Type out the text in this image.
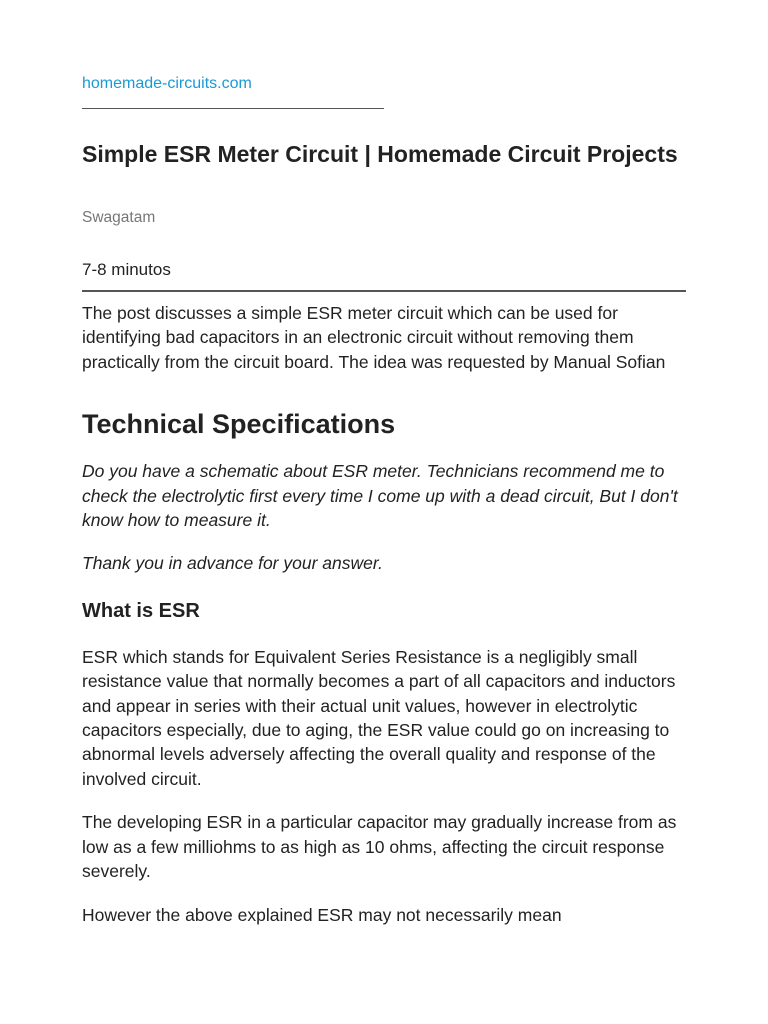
homemade-circuits.com
Simple ESR Meter Circuit | Homemade Circuit Projects
Swagatam
7-8 minutos

The post discusses a simple ESR meter circuit which can be used for identifying bad capacitors in an electronic circuit without removing them practically from the circuit board. The idea was requested by Manual Sofian

Technical Specifications

Do you have a schematic about ESR meter. Technicians recommend me to check the electrolytic first every time I come up with a dead circuit, But I don't know how to measure it.

Thank you in advance for your answer.

What is ESR

ESR which stands for Equivalent Series Resistance is a negligibly small resistance value that normally becomes a part of all capacitors and inductors and appear in series with their actual unit values, however in electrolytic capacitors especially, due to aging, the ESR value could go on increasing to abnormal levels adversely affecting the overall quality and response of the involved circuit.

The developing ESR in a particular capacitor may gradually increase from as low as a few milliohms to as high as 10 ohms, affecting the circuit response severely.

However the above explained ESR may not necessarily mean
